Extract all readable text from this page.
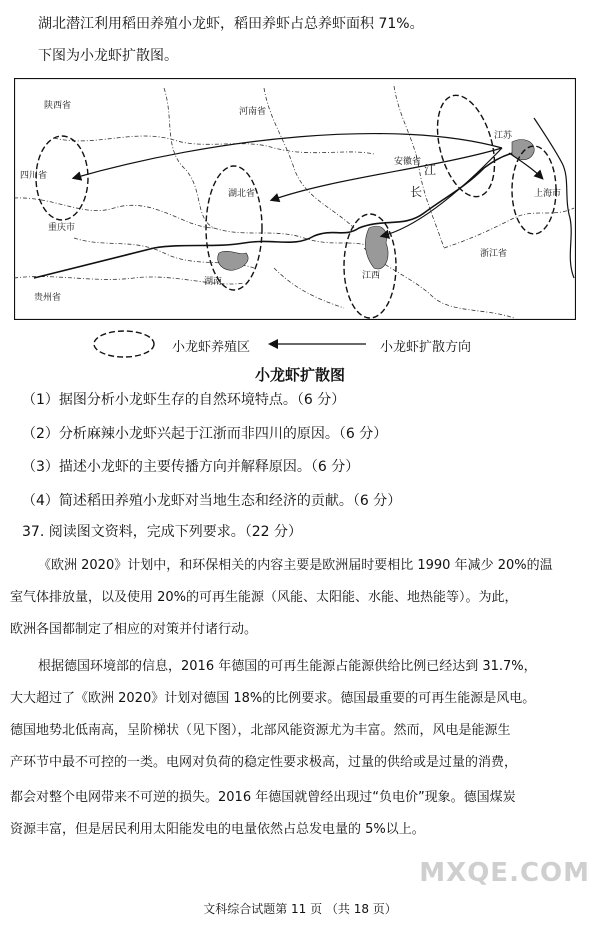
湖北潜江利用稻田养殖小龙虾，稻田养虾占总养虾面积 71%。
下图为小龙虾扩散图。
陕西省
河南省
江苏
四川省
安徽省
湖北省
江
长	上海市
重庆市
湖南
江西
浙江省
贵州省
小龙虾养殖区	小龙虾扩散方向
小龙虾扩散图
（1）据图分析小龙虾生存的自然环境特点。（6 分）
（2）分析麻辣小龙虾兴起于江浙而非四川的原因。（6 分）
（3）描述小龙虾的主要传播方向并解释原因。（6 分）
（4）简述稻田养殖小龙虾对当地生态和经济的贡献。（6 分）
37. 阅读图文资料，完成下列要求。（22 分）
《欧洲 2020》计划中，和环保相关的内容主要是欧洲届时要相比 1990 年减少 20%的温
室气体排放量，以及使用 20%的可再生能源（风能、太阳能、水能、地热能等）。为此，
欧洲各国都制定了相应的对策并付诸行动。
根据德国环境部的信息，2016 年德国的可再生能源占能源供给比例已经达到 31.7%，
大大超过了《欧洲 2020》计划对德国 18%的比例要求。德国最重要的可再生能源是风电。
德国地势北低南高，呈阶梯状（见下图），北部风能资源尤为丰富。然而，风电是能源生
产环节中最不可控的一类。电网对负荷的稳定性要求极高，过量的供给或是过量的消费，
都会对整个电网带来不可逆的损失。2016 年德国就曾经出现过“负电价”现象。德国煤炭
资源丰富，但是居民利用太阳能发电的电量依然占总发电量的 5%以上。
MXQE.COM
文科综合试题第 11 页 （共 18 页）
